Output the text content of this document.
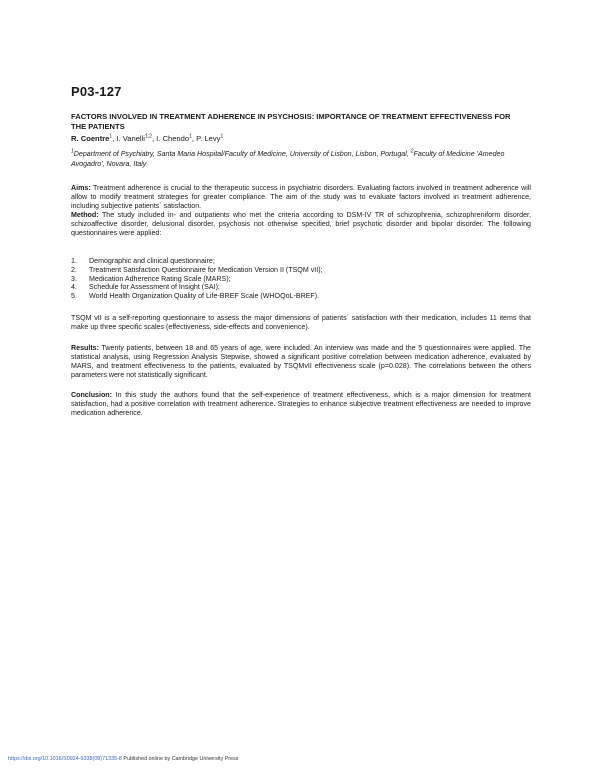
P03-127
FACTORS INVOLVED IN TREATMENT ADHERENCE IN PSYCHOSIS: IMPORTANCE OF TREATMENT EFFECTIVENESS FOR THE PATIENTS
R. Coentre$^1$, I. Vanelli$^{1,2}$, I. Chendo$^1$, P. Levy$^1$
$^1$Department of Psychiatry, Santa Maria Hospital/Faculty of Medicine, University of Lisbon, Lisbon, Portugal, $^2$Faculty of Medicine 'Amedeo Avogadro', Novara, Italy
Aims: Treatment adherence is crucial to the therapeutic success in psychiatric disorders. Evaluating factors involved in treatment adherence will allow to modify treatment strategies for greater compliance. The aim of the study was to evaluate factors involved in treatment adherence, including subjective patients´ satisfaction.
Method: The study included in- and outpatients who met the criteria according to DSM-IV TR of schizophrenia, schizophreniform disorder, schizoaffective disorder, delusional disorder, psychosis not otherwise specified, brief psychotic disorder and bipolar disorder. The following questionnaires were applied:
1.	Demographic and clinical questionnaire;
2.	Treatment Satisfaction Questionnaire for Medication Version II (TSQM vII);
3.	Medication Adherence Rating Scale (MARS);
4.	Schedule for Assessment of Insight (SAI);
5.	World Health Organization Quality of Life-BREF Scale (WHOQoL-BREF).
TSQM vII is a self-reporting questionnaire to assess the major dimensions of patients´ satisfaction with their medication, includes 11 items that make up three specific scales (effectiveness, side-effects and convenience).
Results: Twenty patients, between 18 and 65 years of age, were included. An interview was made and the 5 questionnaires were applied. The statistical analysis, using Regression Analysis Stepwise, showed a significant positive correlation between medication adherence, evaluated by MARS, and treatment effectiveness to the patients, evaluated by TSQMvII effectiveness scale (p=0.028). The correlations between the others parameters were not statistically significant.
Conclusion: In this study the authors found that the self-experience of treatment effectiveness, which is a major dimension for treatment satisfaction, had a positive correlation with treatment adherence. Strategies to enhance subjective treatment effectiveness are needed to improve medication adherence.
https://doi.org/10.1016/S0924-9338(09)71335-8 Published online by Cambridge University Press
